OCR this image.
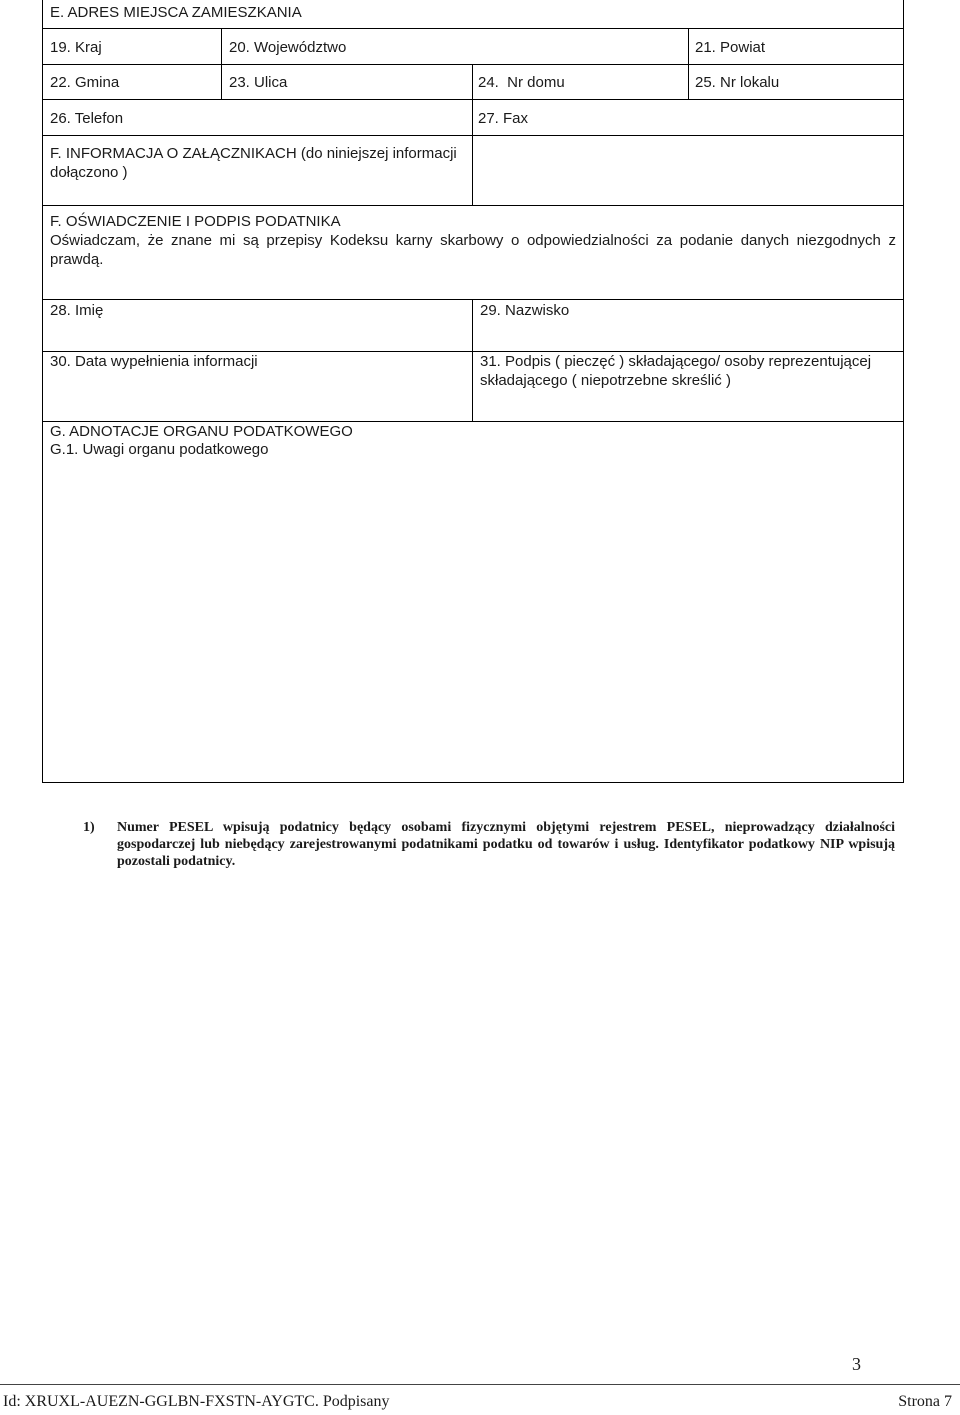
E. ADRES MIEJSCA ZAMIESZKANIA
19. Kraj	20. Województwo	21. Powiat
22. Gmina	23. Ulica	24.  Nr domu	25. Nr lokalu
26. Telefon	27. Fax
F. INFORMACJA O ZAŁĄCZNIKACH (do niniejszej informacji dołączono )
F. OŚWIADCZENIE I PODPIS PODATNIKA
Oświadczam, że znane mi są przepisy Kodeksu karny skarbowy o odpowiedzialności za podanie danych niezgodnych z prawdą.
28. Imię	29. Nazwisko
30. Data wypełnienia informacji	31. Podpis ( pieczęć ) składającego/ osoby reprezentującej składającego ( niepotrzebne skreślić )
G. ADNOTACJE ORGANU PODATKOWEGO
G.1. Uwagi organu podatkowego
1) Numer PESEL wpisują podatnicy będący osobami fizycznymi objętymi rejestrem PESEL, nieprowadzący działalności gospodarczej lub niebędący zarejestrowanymi podatnikami podatku od towarów i usług. Identyfikator podatkowy NIP wpisują pozostali podatnicy.
3
Id: XRUXL-AUEZN-GGLBN-FXSTN-AYGTC. Podpisany	Strona 7
